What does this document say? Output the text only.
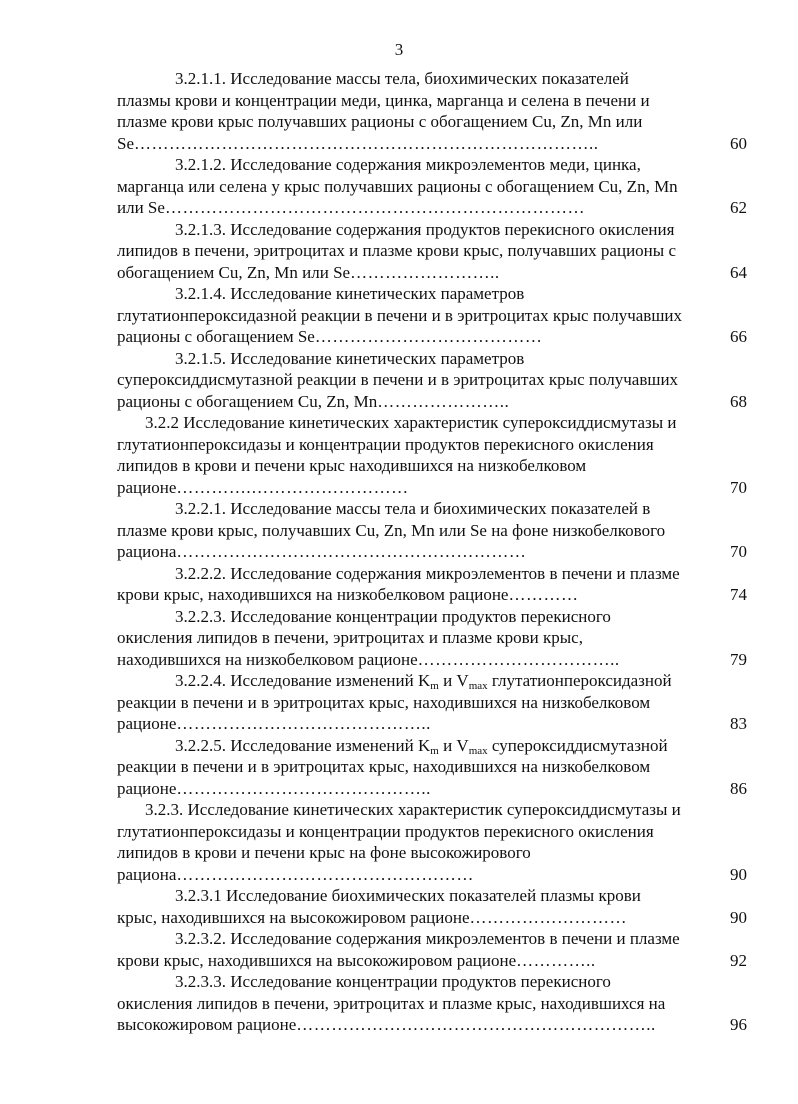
3
3.2.1.1. Исследование массы тела, биохимических показателей плазмы крови и концентрации меди, цинка, марганца и селена в печени и плазме крови крыс получавших рационы с обогащением Cu, Zn, Mn или Se……………………………………………………………………..	60
3.2.1.2. Исследование содержания микроэлементов меди, цинка, марганца или селена у крыс получавших рационы с обогащением Cu, Zn, Mn или Se………………………………………………………………	62
3.2.1.3. Исследование содержания продуктов перекисного окисления липидов в печени, эритроцитах и плазме крови крыс, получавших рационы с обогащением Cu, Zn, Mn или Se……………………..	64
3.2.1.4. Исследование кинетических параметров глутатионпероксидазной реакции в печени и в эритроцитах крыс получавших рационы с обогащением Se…………………………………	66
3.2.1.5. Исследование кинетических параметров супероксиддисмутазной реакции в печени и в эритроцитах крыс получавших рационы с обогащением Cu, Zn, Mn…………………..	68
3.2.2 Исследование кинетических характеристик супероксиддисмутазы и глутатионпероксидазы и концентрации продуктов перекисного окисления липидов в крови и печени крыс находившихся на низкобелковом рационе………….………………………	70
3.2.2.1. Исследование массы тела и биохимических показателей в плазме крови крыс, получавших Cu, Zn, Mn или Se на фоне низкобелкового рациона……………………………………………………	70
3.2.2.2. Исследование содержания микроэлементов в печени и плазме крови крыс, находившихся на низкобелковом рационе…………	74
3.2.2.3. Исследование концентрации продуктов перекисного окисления липидов в печени, эритроцитах и плазме крови крыс, находившихся на низкобелковом рационе……………………………..	79
3.2.2.4. Исследование изменений $K_m$ и $V_{max}$ глутатионпероксидазной реакции в печени и в эритроцитах крыс, находившихся на низкобелковом рационе……………………………………..	83
3.2.2.5. Исследование изменений $K_m$ и $V_{max}$ супероксиддисмутазной реакции в печени и в эритроцитах крыс, находившихся на низкобелковом рационе……………………………………..	86
3.2.3. Исследование кинетических характеристик супероксиддисмутазы и глутатионпероксидазы и концентрации продуктов перекисного окисления липидов в крови и печени крыс на фоне высокожирового рациона……………………………………………	90
3.2.3.1 Исследование биохимических показателей плазмы крови крыс, находившихся на высокожировом рационе………………………	90
3.2.3.2. Исследование содержания микроэлементов в печени и плазме крови крыс, находившихся на высокожировом рационе…………..	92
3.2.3.3. Исследование концентрации продуктов перекисного окисления липидов в печени, эритроцитах и плазме крыс, находившихся на высокожировом рационе……………………………………………………..	96
